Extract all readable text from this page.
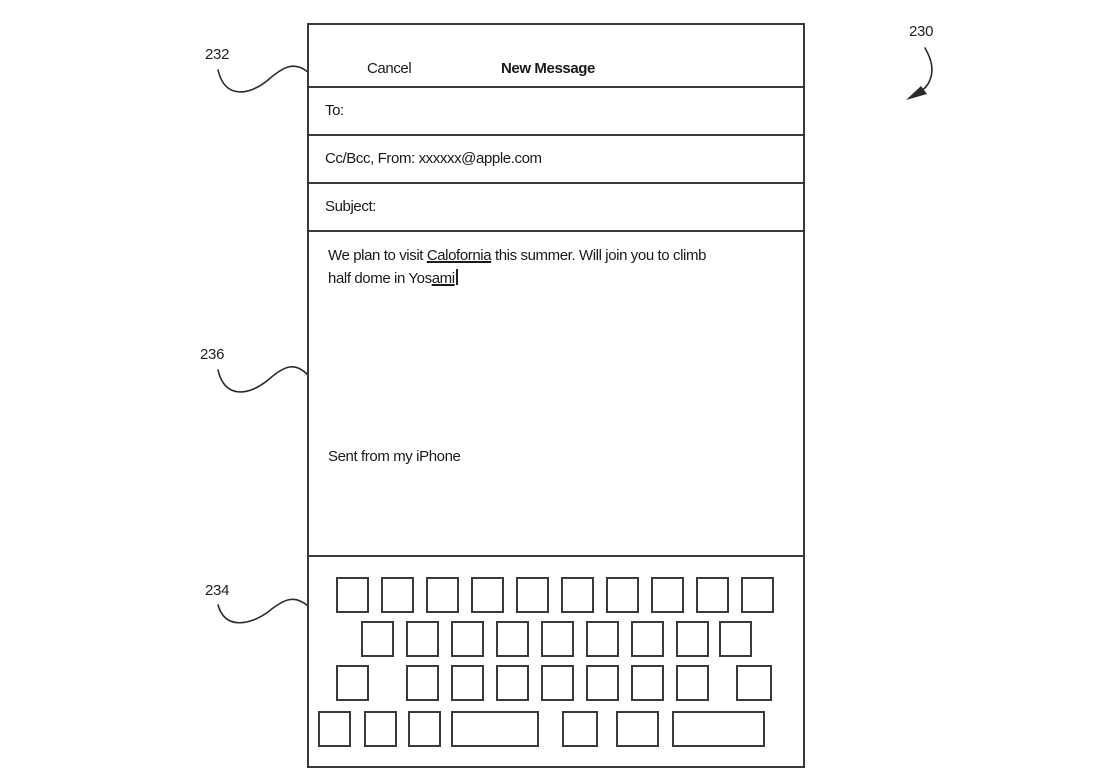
232
230
236
234
Cancel	New Message
To:
Cc/Bcc, From: xxxxxx@apple.com
Subject:
We plan to visit Calofornia this summer. Will join you to climb
half dome in Yosami
Sent from my iPhone
